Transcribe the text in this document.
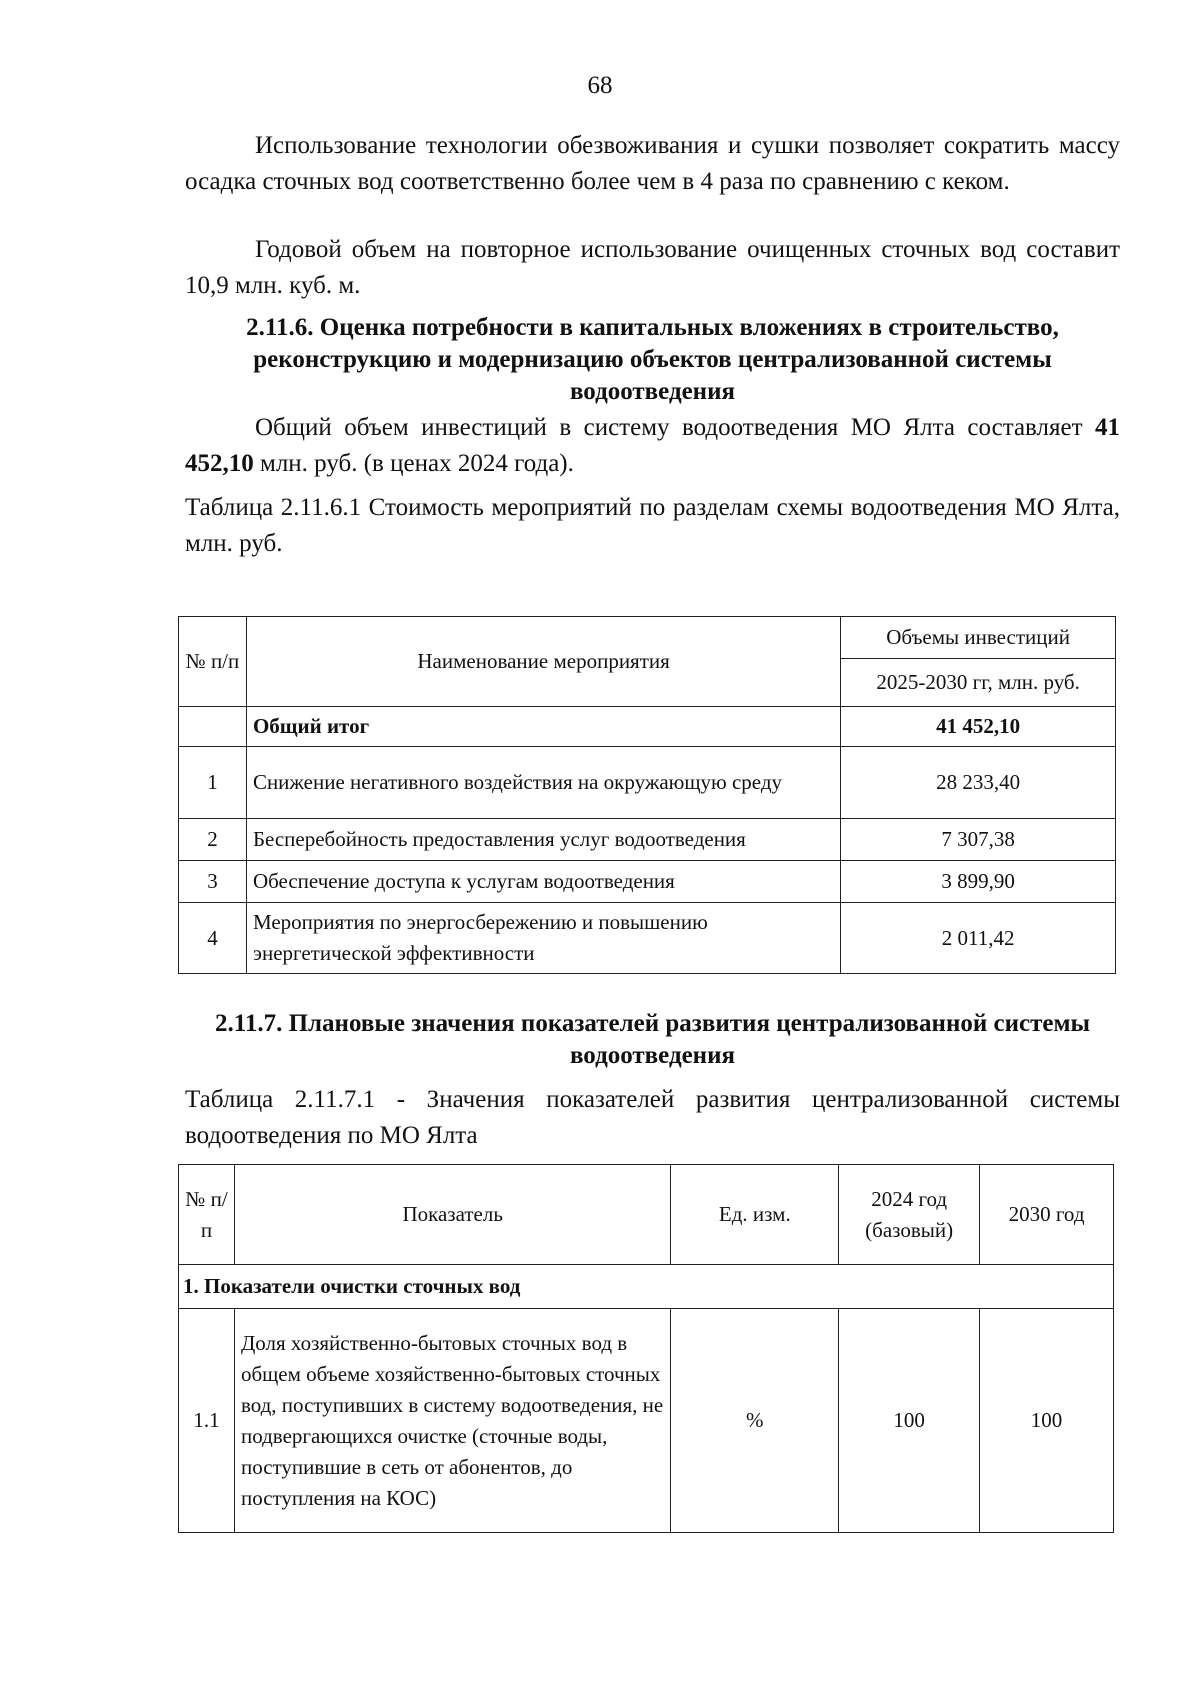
68
Использование технологии обезвоживания и сушки позволяет сократить массу осадка сточных вод соответственно более чем в 4 раза по сравнению с кеком.
Годовой объем на повторное использование очищенных сточных вод составит 10,9 млн. куб. м.
2.11.6. Оценка потребности в капитальных вложениях в строительство, реконструкцию и модернизацию объектов централизованной системы водоотведения
Общий объем инвестиций в систему водоотведения МО Ялта составляет 41 452,10 млн. руб. (в ценах 2024 года).
Таблица 2.11.6.1 Стоимость мероприятий по разделам схемы водоотведения МО Ялта, млн. руб.
№ п/п	Наименование мероприятия	Объемы инвестиций
		2025-2030 гг, млн. руб.
	Общий итог	41 452,10
1	Снижение негативного воздействия на окружающую среду	28 233,40
2	Бесперебойность предоставления услуг водоотведения	7 307,38
3	Обеспечение доступа к услугам водоотведения	3 899,90
4	Мероприятия по энергосбережению и повышению энергетической эффективности	2 011,42
2.11.7. Плановые значения показателей развития централизованной системы водоотведения
Таблица 2.11.7.1 - Значения показателей развития централизованной системы водоотведения по МО Ялта
№ п/п	Показатель	Ед. изм.	2024 год (базовый)	2030 год
1. Показатели очистки сточных вод				
1.1	Доля хозяйственно-бытовых сточных вод в общем объеме хозяйственно-бытовых сточных вод, поступивших в систему водоотведения, не подвергающихся очистке (сточные воды, поступившие в сеть от абонентов, до поступления на КОС)	%	100	100
